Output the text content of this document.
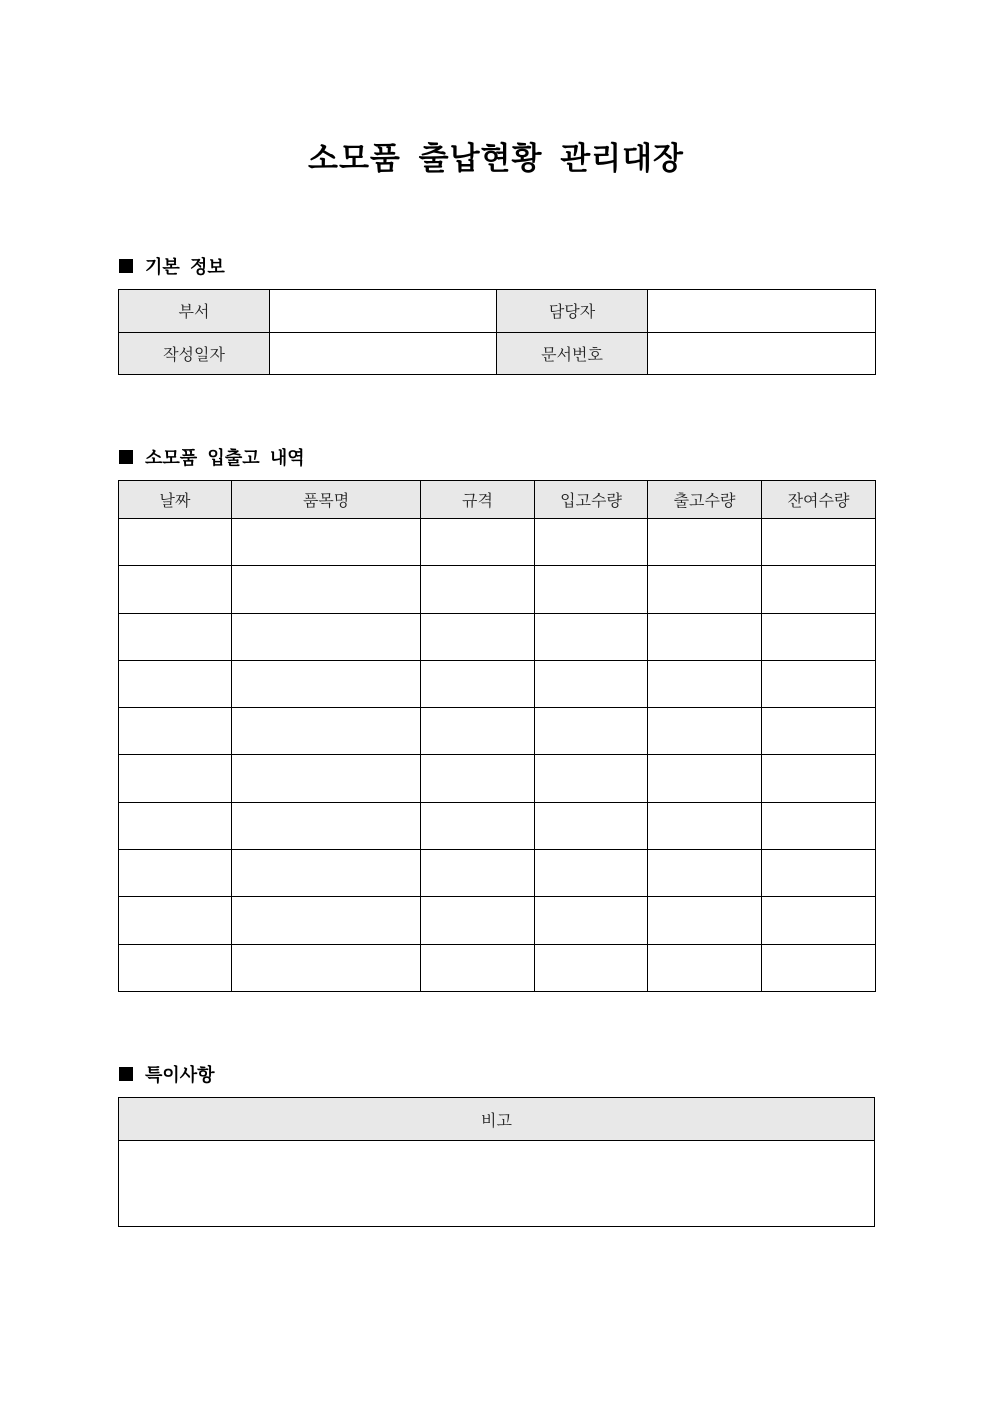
소모품 출납현황 관리대장
기본 정보
부서		담당자	
작성일자		문서번호	
소모품 입출고 내역
날짜	품목명	규격	입고수량	출고수량	잔여수량

특이사항
비고
